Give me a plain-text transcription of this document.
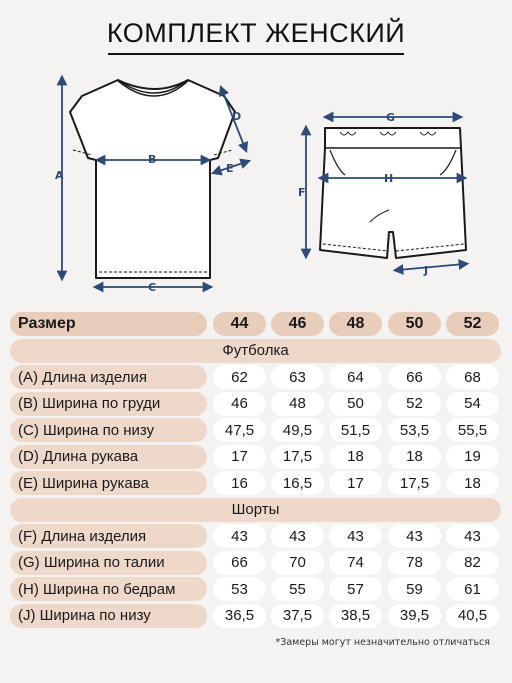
КОМПЛЕКТ ЖЕНСКИЙ
A
B
C
D
E
G
H
F
J
Размер	44	46	48	50	52
Футболка
(A) Длина изделия	62	63	64	66	68
(B) Ширина по груди	46	48	50	52	54
(C) Ширина по низу	47,5	49,5	51,5	53,5	55,5
(D) Длина рукава	17	17,5	18	18	19
(E) Ширина рукава	16	16,5	17	17,5	18
Шорты
(F) Длина изделия	43	43	43	43	43
(G) Ширина по талии	66	70	74	78	82
(H) Ширина по бедрам	53	55	57	59	61
(J) Ширина по низу	36,5	37,5	38,5	39,5	40,5
*Замеры могут незначительно отличаться
